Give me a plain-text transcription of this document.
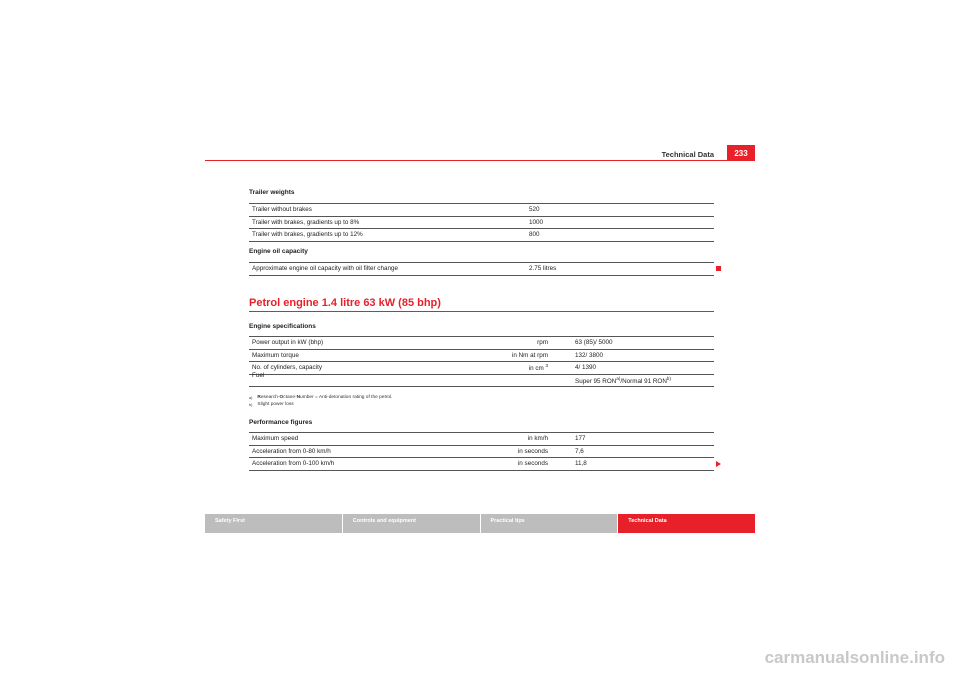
Technical Data	233
Trailer weights
Trailer without brakes	520
Trailer with brakes, gradients up to 8%	1000
Trailer with brakes, gradients up to 12%	800
Engine oil capacity
Approximate engine oil capacity with oil filter change	2.75 litres
Petrol engine 1.4 litre 63 kW (85 bhp)
Engine specifications
Power output in kW (bhp)	rpm	63 (85)/ 5000
Maximum torque	in Nm at rpm	132/ 3800
No. of cylinders, capacity	in cm $^3$	4/ 1390

Fuel		Super 95 RON$^{a)}$/Normal 91 RON$^{b)}$
$^{a)}$ Research-Octane-Number = Anti-detonation rating of the petrol.
$^{b)}$ Slight power loss
Performance figures
Maximum speed	in km/h	177
Acceleration from 0-80 km/h	in seconds	7,6
Acceleration from 0-100 km/h	in seconds	11,8
Safety First	Controls and equipment	Practical tips	Technical Data
carmanualsonline.info
